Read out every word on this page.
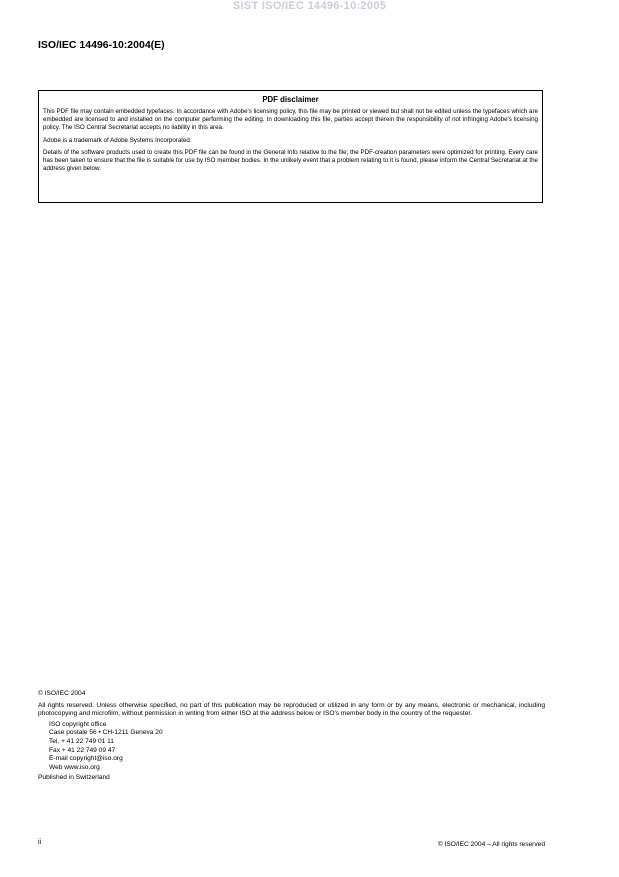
SIST ISO/IEC 14496-10:2005
ISO/IEC 14496-10:2004(E)
PDF disclaimer

This PDF file may contain embedded typefaces. In accordance with Adobe's licensing policy, this file may be printed or viewed but shall not be edited unless the typefaces which are embedded are licensed to and installed on the computer performing the editing. In downloading this file, parties accept therein the responsibility of not infringing Adobe's licensing policy. The ISO Central Secretariat accepts no liability in this area.

Adobe is a trademark of Adobe Systems Incorporated.

Details of the software products used to create this PDF file can be found in the General Info relative to the file; the PDF-creation parameters were optimized for printing. Every care has been taken to ensure that the file is suitable for use by ISO member bodies. In the unlikely event that a problem relating to it is found, please inform the Central Secretariat at the address given below.

© ISO/IEC 2004

All rights reserved. Unless otherwise specified, no part of this publication may be reproduced or utilized in any form or by any means, electronic or mechanical, including photocopying and microfilm, without permission in writing from either ISO at the address below or ISO's member body in the country of the requester.

ISO copyright office
Case postale 56 • CH-1211 Geneva 20
Tel. + 41 22 749 01 11
Fax + 41 22 749 09 47
E-mail copyright@iso.org
Web www.iso.org

Published in Switzerland

ii	© ISO/IEC 2004 – All rights reserved
